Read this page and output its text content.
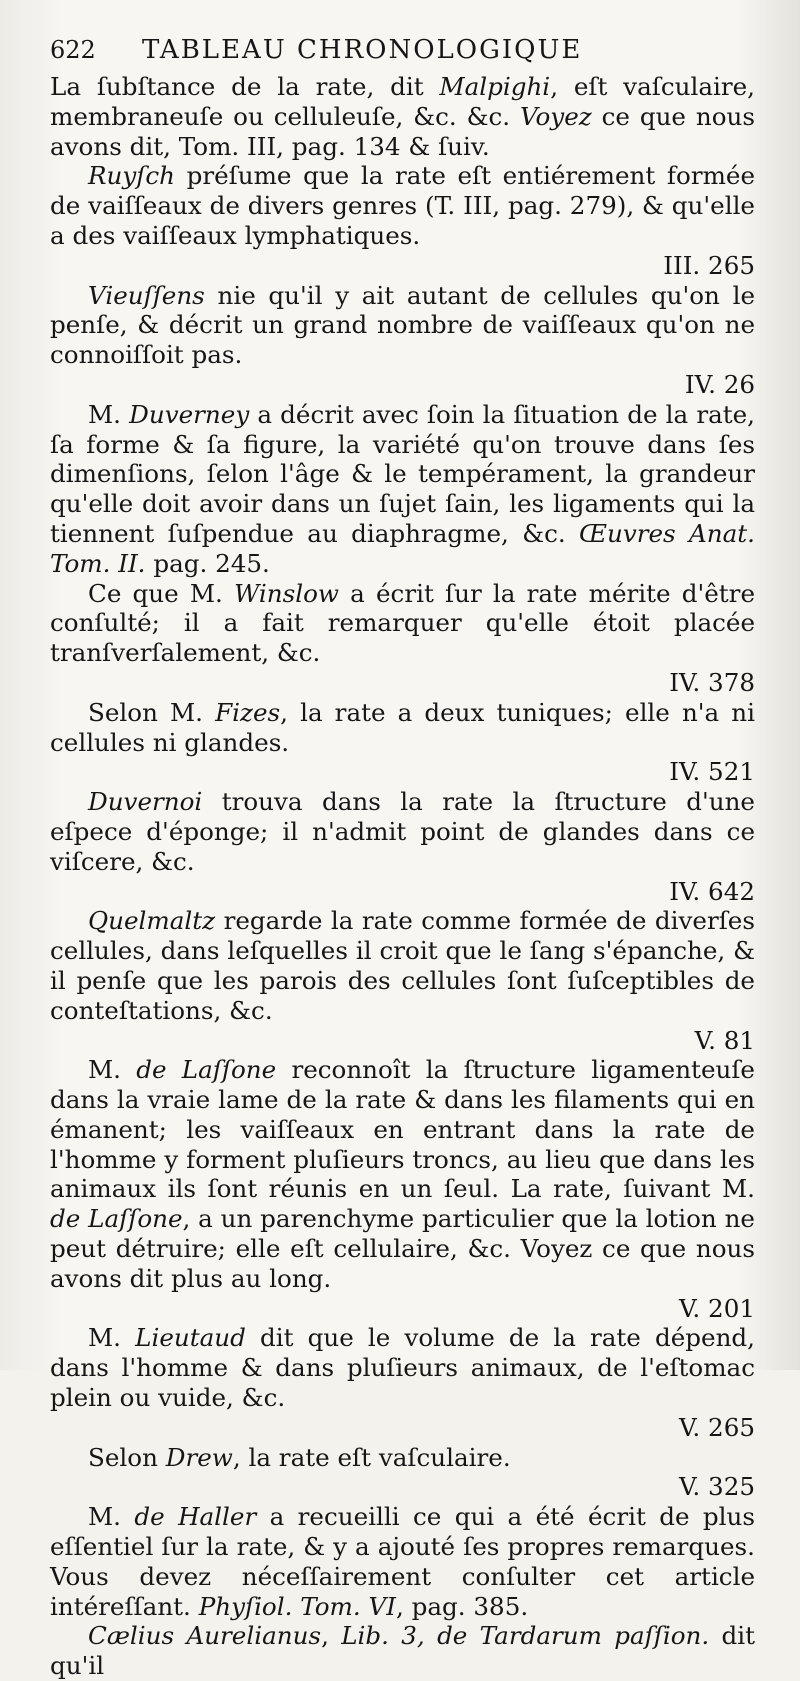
622 TABLEAU CHRONOLOGIQUE

La ſubſtance de la rate, dit Malpighi, eſt vaſculaire, membraneuſe ou celluleuſe, &c. &c. Voyez ce que nous avons dit, Tom. III, pag. 134 & ſuiv.

Ruyſch préſume que la rate eſt entiérement formée de vaiſſeaux de divers genres (T. III, pag. 279), & qu'elle a des vaiſſeaux lymphatiques.

III. 265

Vieuſſens nie qu'il y ait autant de cellules qu'on le penſe, & décrit un grand nombre de vaiſſeaux qu'on ne connoiſſoit pas.

IV. 26

M. Duverney a décrit avec ſoin la ſituation de la rate, ſa forme & ſa figure, la variété qu'on trouve dans ſes dimenſions, ſelon l'âge & le tempérament, la grandeur qu'elle doit avoir dans un ſujet ſain, les ligaments qui la tiennent ſuſpendue au diaphragme, &c. Œuvres Anat. Tom. II. pag. 245.

Ce que M. Winslow a écrit ſur la rate mérite d'être conſulté; il a fait remarquer qu'elle étoit placée tranſverſalement, &c.

IV. 378

Selon M. Fizes, la rate a deux tuniques; elle n'a ni cellules ni glandes.

IV. 521

Duvernoi trouva dans la rate la ſtructure d'une eſpece d'éponge; il n'admit point de glandes dans ce viſcere, &c.

IV. 642

Quelmaltz regarde la rate comme formée de diverſes cellules, dans leſquelles il croit que le ſang s'épanche, & il penſe que les parois des cellules ſont ſuſceptibles de conteſtations, &c.

V. 81

M. de Laſſone reconnoît la ſtructure ligamenteuſe dans la vraie lame de la rate & dans les filaments qui en émanent; les vaiſſeaux en entrant dans la rate de l'homme y forment pluſieurs troncs, au lieu que dans les animaux ils ſont réunis en un ſeul. La rate, ſuivant M. de Laſſone, a un parenchyme particulier que la lotion ne peut détruire; elle eſt cellulaire, &c. Voyez ce que nous avons dit plus au long.

V. 201

M. Lieutaud dit que le volume de la rate dépend, dans l'homme & dans pluſieurs animaux, de l'eſtomac plein ou vuide, &c.

V. 265

Selon Drew, la rate eſt vaſculaire.

V. 325

M. de Haller a recueilli ce qui a été écrit de plus eſſentiel ſur la rate, & y a ajouté ſes propres remarques. Vous devez néceſſairement conſulter cet article intéreſſant. Phyſiol. Tom. VI, pag. 385.

Cælius Aurelianus, Lib. 3, de Tardarum paſſion. dit qu'il
